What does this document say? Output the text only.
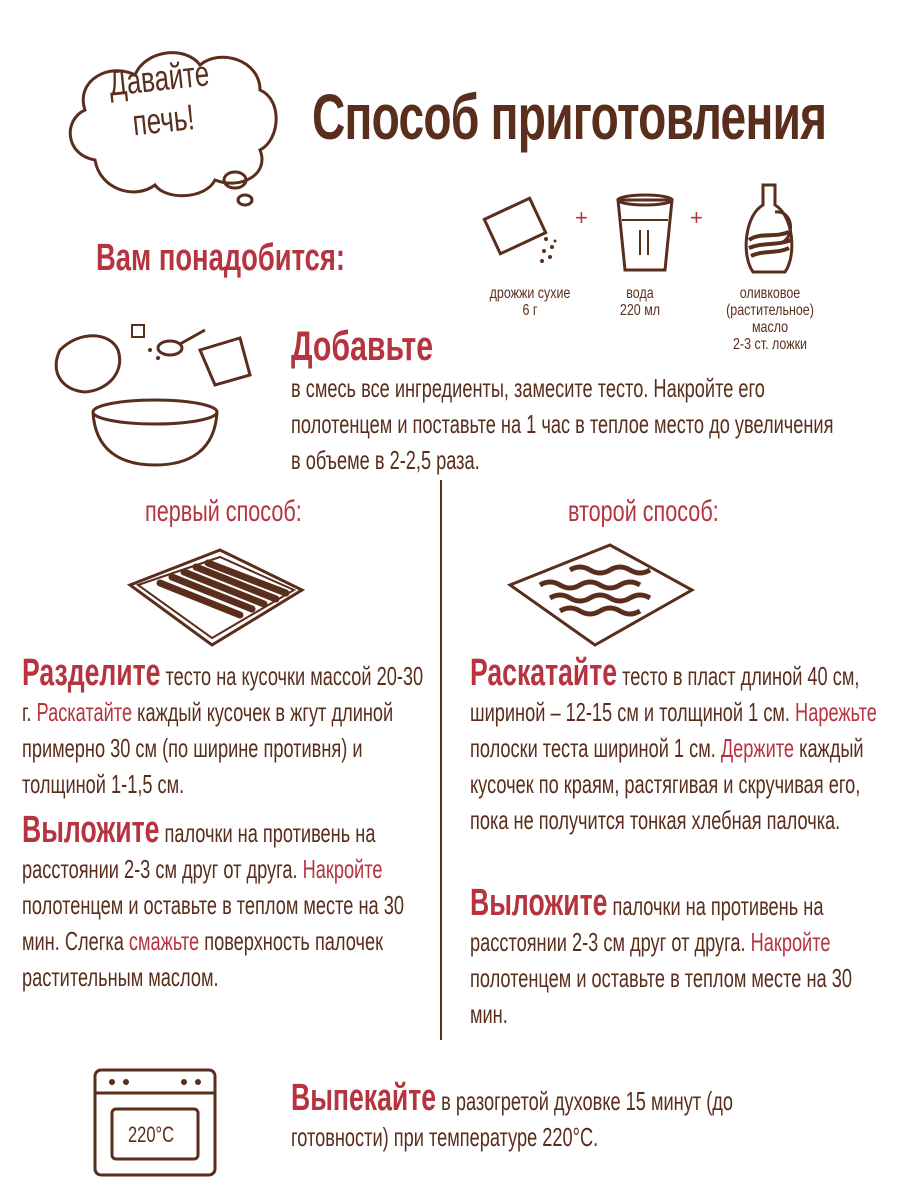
Давайте печь!	Способ приготовления
Вам понадобится:
+	+
дрожжи сухие
6 г
вода
220 мл
оливковое (растительное) масло
2-3 ст. ложки
Добавьте
в смесь все ингредиенты, замесите тесто. Накройте его полотенцем и поставьте на 1 час в теплое место до увеличения в объеме в 2-2,5 раза.
первый способ:	второй способ:
Разделите тесто на кусочки массой 20-30 г. Раскатайте каждый кусочек в жгут длиной примерно 30 см (по ширине противня) и толщиной 1-1,5 см.
Выложите палочки на противень на расстоянии 2-3 см друг от друга. Накройте полотенцем и оставьте в теплом месте на 30 мин. Слегка смажьте поверхность палочек растительным маслом.
Раскатайте тесто в пласт длиной 40 см, шириной – 12-15 см и толщиной 1 см. Нарежьте полоски теста шириной 1 см. Держите каждый кусочек по краям, растягивая и скручивая его, пока не получится тонкая хлебная палочка.
Выложите палочки на противень на расстоянии 2-3 см друг от друга. Накройте полотенцем и оставьте в теплом месте на 30 мин.
220°C
Выпекайте в разогретой духовке 15 минут (до готовности) при температуре 220°C.
